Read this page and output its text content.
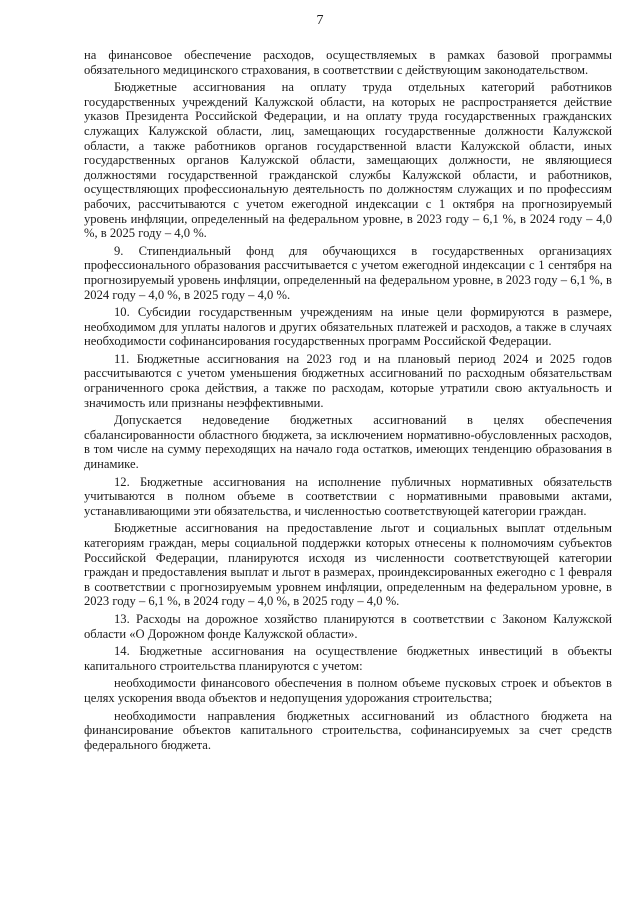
7

на финансовое обеспечение расходов, осуществляемых в рамках базовой программы обязательного медицинского страхования, в соответствии с действующим законодательством.

Бюджетные ассигнования на оплату труда отдельных категорий работников государственных учреждений Калужской области, на которых не распространяется действие указов Президента Российской Федерации, и на оплату труда государственных гражданских служащих Калужской области, лиц, замещающих государственные должности Калужской области, а также работников органов государственной власти Калужской области, иных государственных органов Калужской области, замещающих должности, не являющиеся должностями государственной гражданской службы Калужской области, и работников, осуществляющих профессиональную деятельность по должностям служащих и по профессиям рабочих, рассчитываются с учетом ежегодной индексации с 1 октября на прогнозируемый уровень инфляции, определенный на федеральном уровне, в 2023 году – 6,1 %, в 2024 году – 4,0 %, в 2025 году – 4,0 %.

9. Стипендиальный фонд для обучающихся в государственных организациях профессионального образования рассчитывается с учетом ежегодной индексации с 1 сентября на прогнозируемый уровень инфляции, определенный на федеральном уровне, в 2023 году – 6,1 %, в 2024 году – 4,0 %, в 2025 году – 4,0 %.

10. Субсидии государственным учреждениям на иные цели формируются в размере, необходимом для уплаты налогов и других обязательных платежей и расходов, а также в случаях необходимости софинансирования государственных программ Российской Федерации.

11. Бюджетные ассигнования на 2023 год и на плановый период 2024 и 2025 годов рассчитываются с учетом уменьшения бюджетных ассигнований по расходным обязательствам ограниченного срока действия, а также по расходам, которые утратили свою актуальность и значимость или признаны неэффективными.

Допускается недоведение бюджетных ассигнований в целях обеспечения сбалансированности областного бюджета, за исключением нормативно-обусловленных расходов, в том числе на сумму переходящих на начало года остатков, имеющих тенденцию образования в динамике.

12. Бюджетные ассигнования на исполнение публичных нормативных обязательств учитываются в полном объеме в соответствии с нормативными правовыми актами, устанавливающими эти обязательства, и численностью соответствующей категории граждан.

Бюджетные ассигнования на предоставление льгот и социальных выплат отдельным категориям граждан, меры социальной поддержки которых отнесены к полномочиям субъектов Российской Федерации, планируются исходя из численности соответствующей категории граждан и предоставления выплат и льгот в размерах, проиндексированных ежегодно с 1 февраля в соответствии с прогнозируемым уровнем инфляции, определенным на федеральном уровне, в 2023 году – 6,1 %, в 2024 году – 4,0 %, в 2025 году – 4,0 %.

13. Расходы на дорожное хозяйство планируются в соответствии с Законом Калужской области «О Дорожном фонде Калужской области».

14. Бюджетные ассигнования на осуществление бюджетных инвестиций в объекты капитального строительства планируются с учетом:

необходимости финансового обеспечения в полном объеме пусковых строек и объектов в целях ускорения ввода объектов и недопущения удорожания строительства;

необходимости направления бюджетных ассигнований из областного бюджета на финансирование объектов капитального строительства, софинансируемых за счет средств федерального бюджета.
